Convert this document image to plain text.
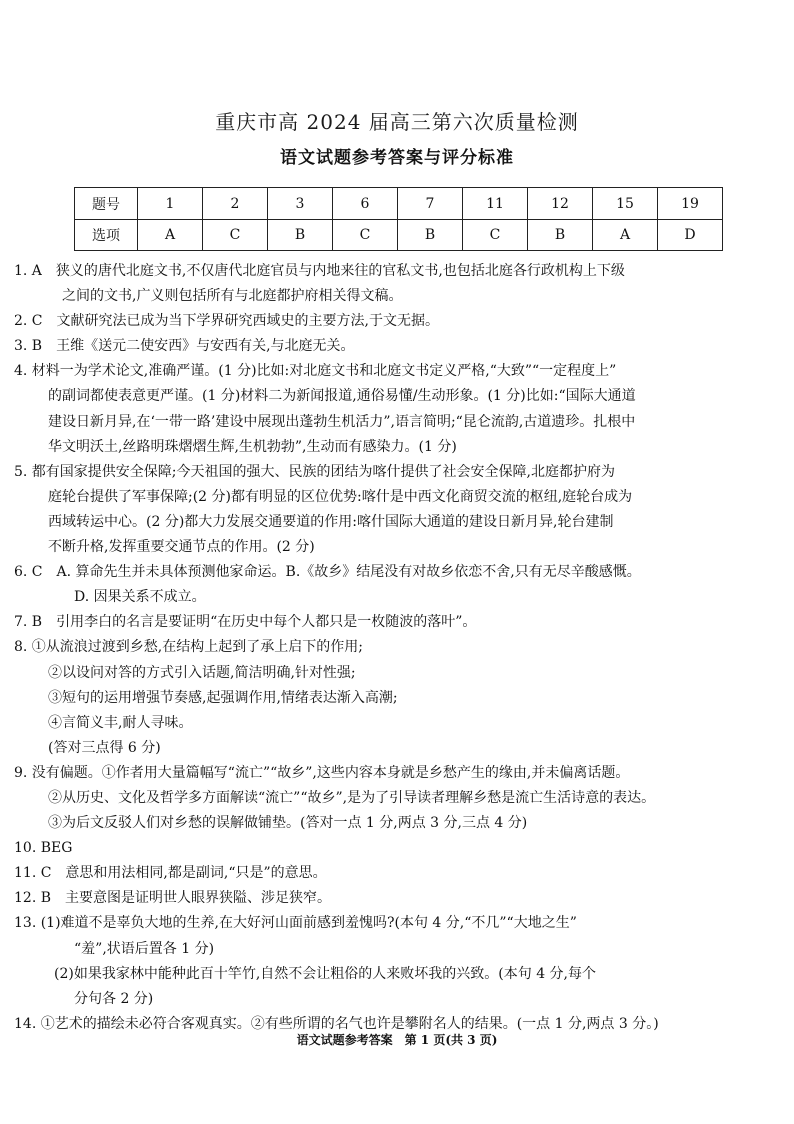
重庆市高 2024 届高三第六次质量检测
语文试题参考答案与评分标准
题号	1	2	3	6	7	11	12	15	19
选项	A	C	B	C	B	C	B	A	D
1. A　狭义的唐代北庭文书,不仅唐代北庭官员与内地来往的官私文书,也包括北庭各行政机构上下级
之间的文书,广义则包括所有与北庭都护府相关得文稿。
2. C　文献研究法已成为当下学界研究西域史的主要方法,于文无据。
3. B　王维《送元二使安西》与安西有关,与北庭无关。
4. 材料一为学术论文,准确严谨。(1 分)比如:对北庭文书和北庭文书定义严格,“大致”“一定程度上”
的副词都使表意更严谨。(1 分)材料二为新闻报道,通俗易懂/生动形象。(1 分)比如:“国际大通道
建设日新月异,在‘一带一路’建设中展现出蓬勃生机活力”,语言简明;“昆仑流韵,古道遗珍。扎根中
华文明沃土,丝路明珠熠熠生辉,生机勃勃”,生动而有感染力。(1 分)
5. 都有国家提供安全保障;今天祖国的强大、民族的团结为喀什提供了社会安全保障,北庭都护府为
庭轮台提供了军事保障;(2 分)都有明显的区位优势:喀什是中西文化商贸交流的枢纽,庭轮台成为
西域转运中心。(2 分)都大力发展交通要道的作用:喀什国际大通道的建设日新月异,轮台建制
不断升格,发挥重要交通节点的作用。(2 分)
6. C　A. 算命先生并未具体预测他家命运。B.《故乡》结尾没有对故乡依恋不舍,只有无尽辛酸感慨。
D. 因果关系不成立。
7. B　引用李白的名言是要证明“在历史中每个人都只是一枚随波的落叶”。
8. ①从流浪过渡到乡愁,在结构上起到了承上启下的作用;
②以设问对答的方式引入话题,简洁明确,针对性强;
③短句的运用增强节奏感,起强调作用,情绪表达渐入高潮;
④言简义丰,耐人寻味。
(答对三点得 6 分)
9. 没有偏题。①作者用大量篇幅写“流亡”“故乡”,这些内容本身就是乡愁产生的缘由,并未偏离话题。
②从历史、文化及哲学多方面解读“流亡”“故乡”,是为了引导读者理解乡愁是流亡生活诗意的表达。
③为后文反驳人们对乡愁的误解做铺垫。(答对一点 1 分,两点 3 分,三点 4 分)
10. BEG
11. C　意思和用法相同,都是副词,“只是”的意思。
12. B　主要意图是证明世人眼界狭隘、涉足狭窄。
13. (1)难道不是辜负大地的生养,在大好河山面前感到羞愧吗?(本句 4 分,“不几”“大地之生”
“羞”,状语后置各 1 分)
(2)如果我家林中能种此百十竿竹,自然不会让粗俗的人来败坏我的兴致。(本句 4 分,每个
分句各 2 分)
14. ①艺术的描绘未必符合客观真实。②有些所谓的名气也许是攀附名人的结果。(一点 1 分,两点 3 分。)
语文试题参考答案　第 1 页(共 3 页)
